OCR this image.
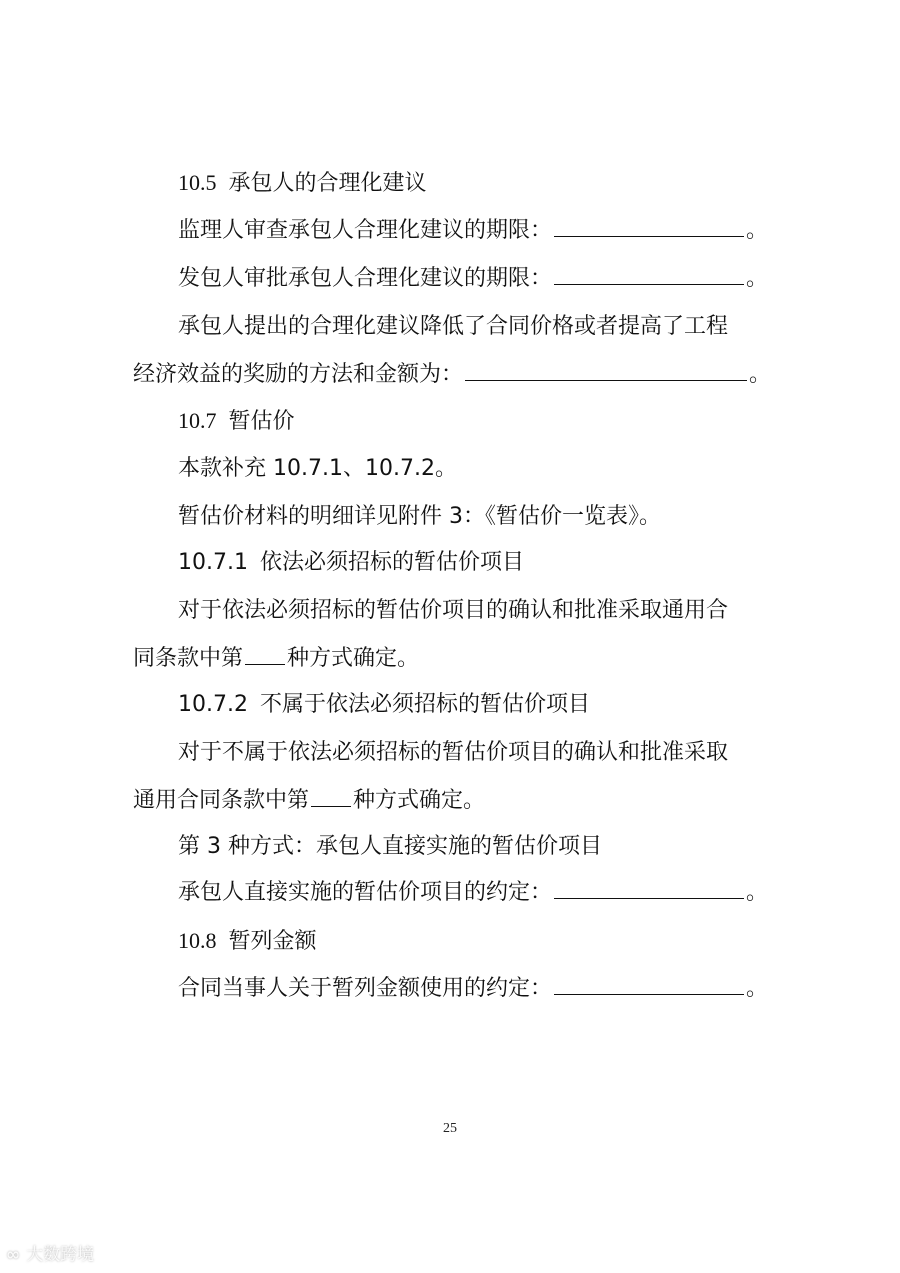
10.5 承包人的合理化建议
监理人审查承包人合理化建议的期限：	。
发包人审批承包人合理化建议的期限：	。
承包人提出的合理化建议降低了合同价格或者提高了工程
经济效益的奖励的方法和金额为：	。
10.7 暂估价
本款补充 10.7.1、10.7.2。
暂估价材料的明细详见附件 3：《暂估价一览表》。
10.7.1 依法必须招标的暂估价项目
对于依法必须招标的暂估价项目的确认和批准采取通用合
同条款中第 种方式确定。
10.7.2 不属于依法必须招标的暂估价项目
对于不属于依法必须招标的暂估价项目的确认和批准采取
通用合同条款中第 种方式确定。
第 3 种方式：承包人直接实施的暂估价项目
承包人直接实施的暂估价项目的约定：	。
10.8 暂列金额
合同当事人关于暂列金额使用的约定：	。
25
∞ 大数跨境
